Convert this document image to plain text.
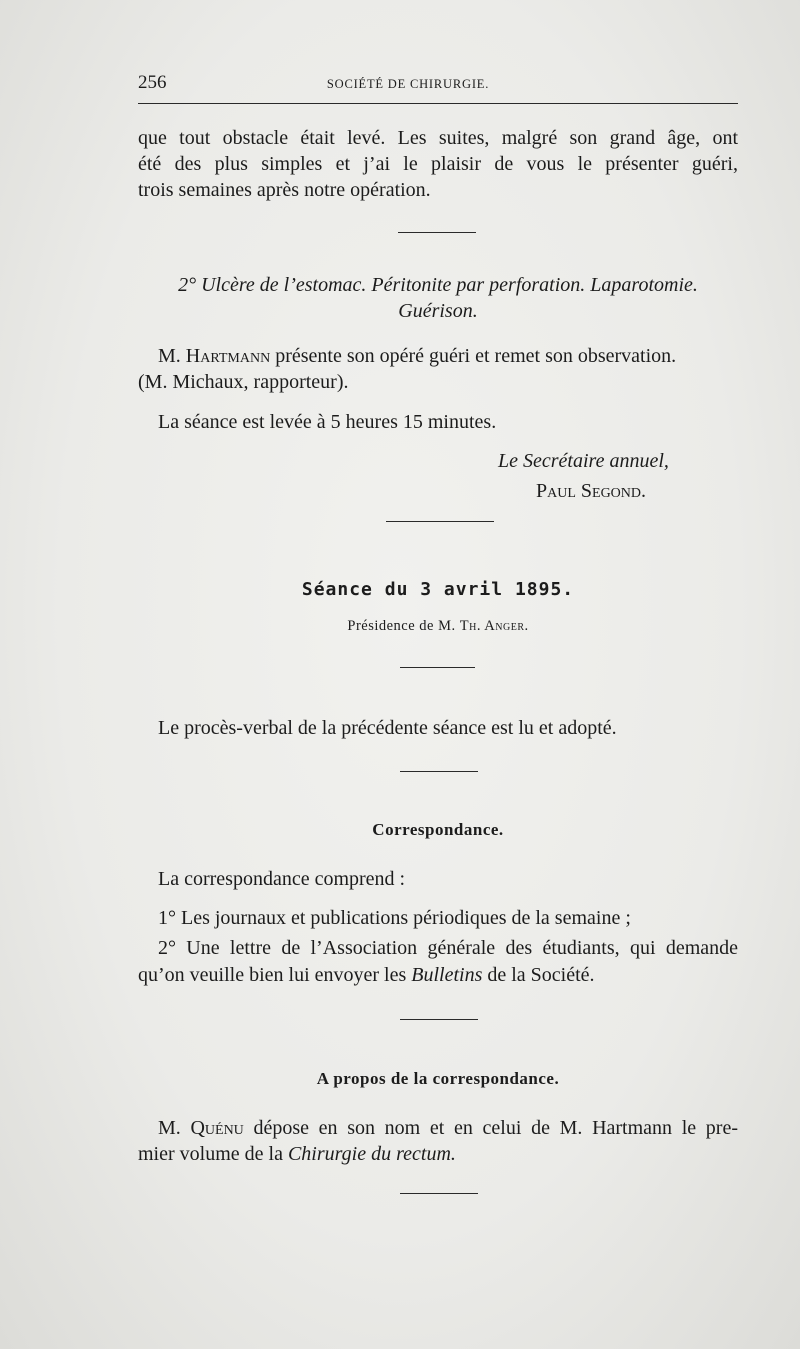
256	SOCIÉTÉ DE CHIRURGIE.
que tout obstacle était levé. Les suites, malgré son grand âge, ont
été des plus simples et j’ai le plaisir de vous le présenter guéri,
trois semaines après notre opération.
2° Ulcère de l’estomac. Péritonite par perforation. Laparotomie.
Guérison.
M. Hartmann présente son opéré guéri et remet son observation.
(M. Michaux, rapporteur).
La séance est levée à 5 heures 15 minutes.
Le Secrétaire annuel,
Paul Segond.
Séance du 3 avril 1895.
Présidence de M. Th. Anger.
Le procès-verbal de la précédente séance est lu et adopté.
Correspondance.
La correspondance comprend :
1° Les journaux et publications périodiques de la semaine ;
2° Une lettre de l’Association générale des étudiants, qui demande
qu’on veuille bien lui envoyer les Bulletins de la Société.
A propos de la correspondance.
M. Quénu dépose en son nom et en celui de M. Hartmann le pre-
mier volume de la Chirurgie du rectum.
